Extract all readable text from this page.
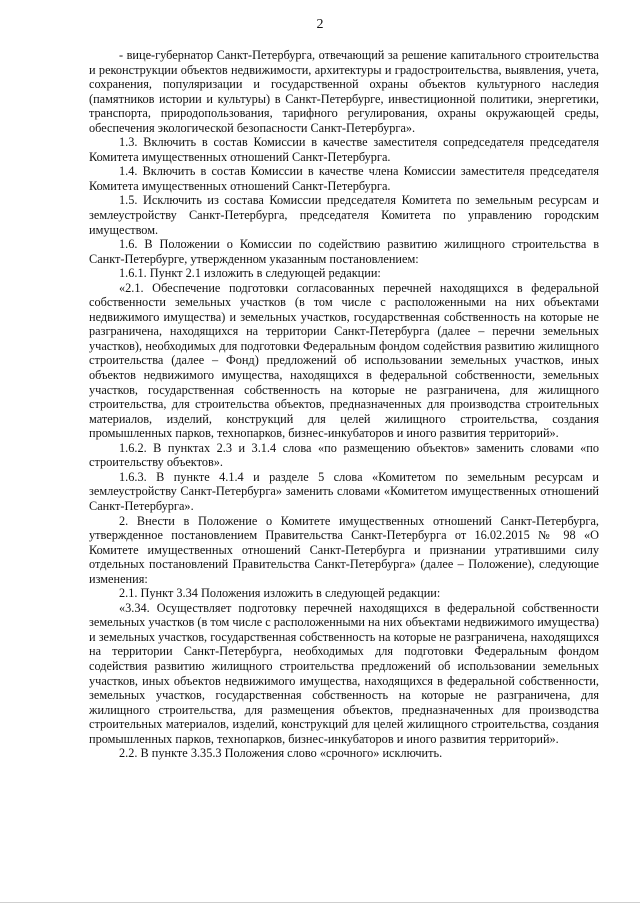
2

- вице-губернатор Санкт-Петербурга, отвечающий за решение капитального строительства и реконструкции объектов недвижимости, архитектуры и градостроительства, выявления, учета, сохранения, популяризации и государственной охраны объектов культурного наследия (памятников истории и культуры) в Санкт-Петербурге, инвестиционной политики, энергетики, транспорта, природопользования, тарифного регулирования, охраны окружающей среды, обеспечения экологической безопасности Санкт-Петербурга».

1.3. Включить в состав Комиссии в качестве заместителя сопредседателя председателя Комитета имущественных отношений Санкт-Петербурга.

1.4. Включить в состав Комиссии в качестве члена Комиссии заместителя председателя Комитета имущественных отношений Санкт-Петербурга.

1.5. Исключить из состава Комиссии председателя Комитета по земельным ресурсам и землеустройству Санкт-Петербурга, председателя Комитета по управлению городским имуществом.

1.6. В Положении о Комиссии по содействию развитию жилищного строительства в Санкт-Петербурге, утвержденном указанным постановлением:

1.6.1. Пункт 2.1 изложить в следующей редакции:

«2.1. Обеспечение подготовки согласованных перечней находящихся в федеральной собственности земельных участков (в том числе с расположенными на них объектами недвижимого имущества) и земельных участков, государственная собственность на которые не разграничена, находящихся на территории Санкт-Петербурга (далее – перечни земельных участков), необходимых для подготовки Федеральным фондом содействия развитию жилищного строительства (далее – Фонд) предложений об использовании земельных участков, иных объектов недвижимого имущества, находящихся в федеральной собственности, земельных участков, государственная собственность на которые не разграничена, для жилищного строительства, для строительства объектов, предназначенных для производства строительных материалов, изделий, конструкций для целей жилищного строительства, создания промышленных парков, технопарков, бизнес-инкубаторов и иного развития территорий».

1.6.2. В пунктах 2.3 и 3.1.4 слова «по размещению объектов» заменить словами «по строительству объектов».

1.6.3. В пункте 4.1.4 и разделе 5 слова «Комитетом по земельным ресурсам и землеустройству Санкт-Петербурга» заменить словами «Комитетом имущественных отношений Санкт-Петербурга».

2. Внести в Положение о Комитете имущественных отношений Санкт-Петербурга, утвержденное постановлением Правительства Санкт-Петербурга от 16.02.2015 № 98 «О Комитете имущественных отношений Санкт-Петербурга и признании утратившими силу отдельных постановлений Правительства Санкт-Петербурга» (далее – Положение), следующие изменения:

2.1. Пункт 3.34 Положения изложить в следующей редакции:

«3.34. Осуществляет подготовку перечней находящихся в федеральной собственности земельных участков (в том числе с расположенными на них объектами недвижимого имущества) и земельных участков, государственная собственность на которые не разграничена, находящихся на территории Санкт-Петербурга, необходимых для подготовки Федеральным фондом содействия развитию жилищного строительства предложений об использовании земельных участков, иных объектов недвижимого имущества, находящихся в федеральной собственности, земельных участков, государственная собственность на которые не разграничена, для жилищного строительства, для размещения объектов, предназначенных для производства строительных материалов, изделий, конструкций для целей жилищного строительства, создания промышленных парков, технопарков, бизнес-инкубаторов и иного развития территорий».

2.2. В пункте 3.35.3 Положения слово «срочного» исключить.
